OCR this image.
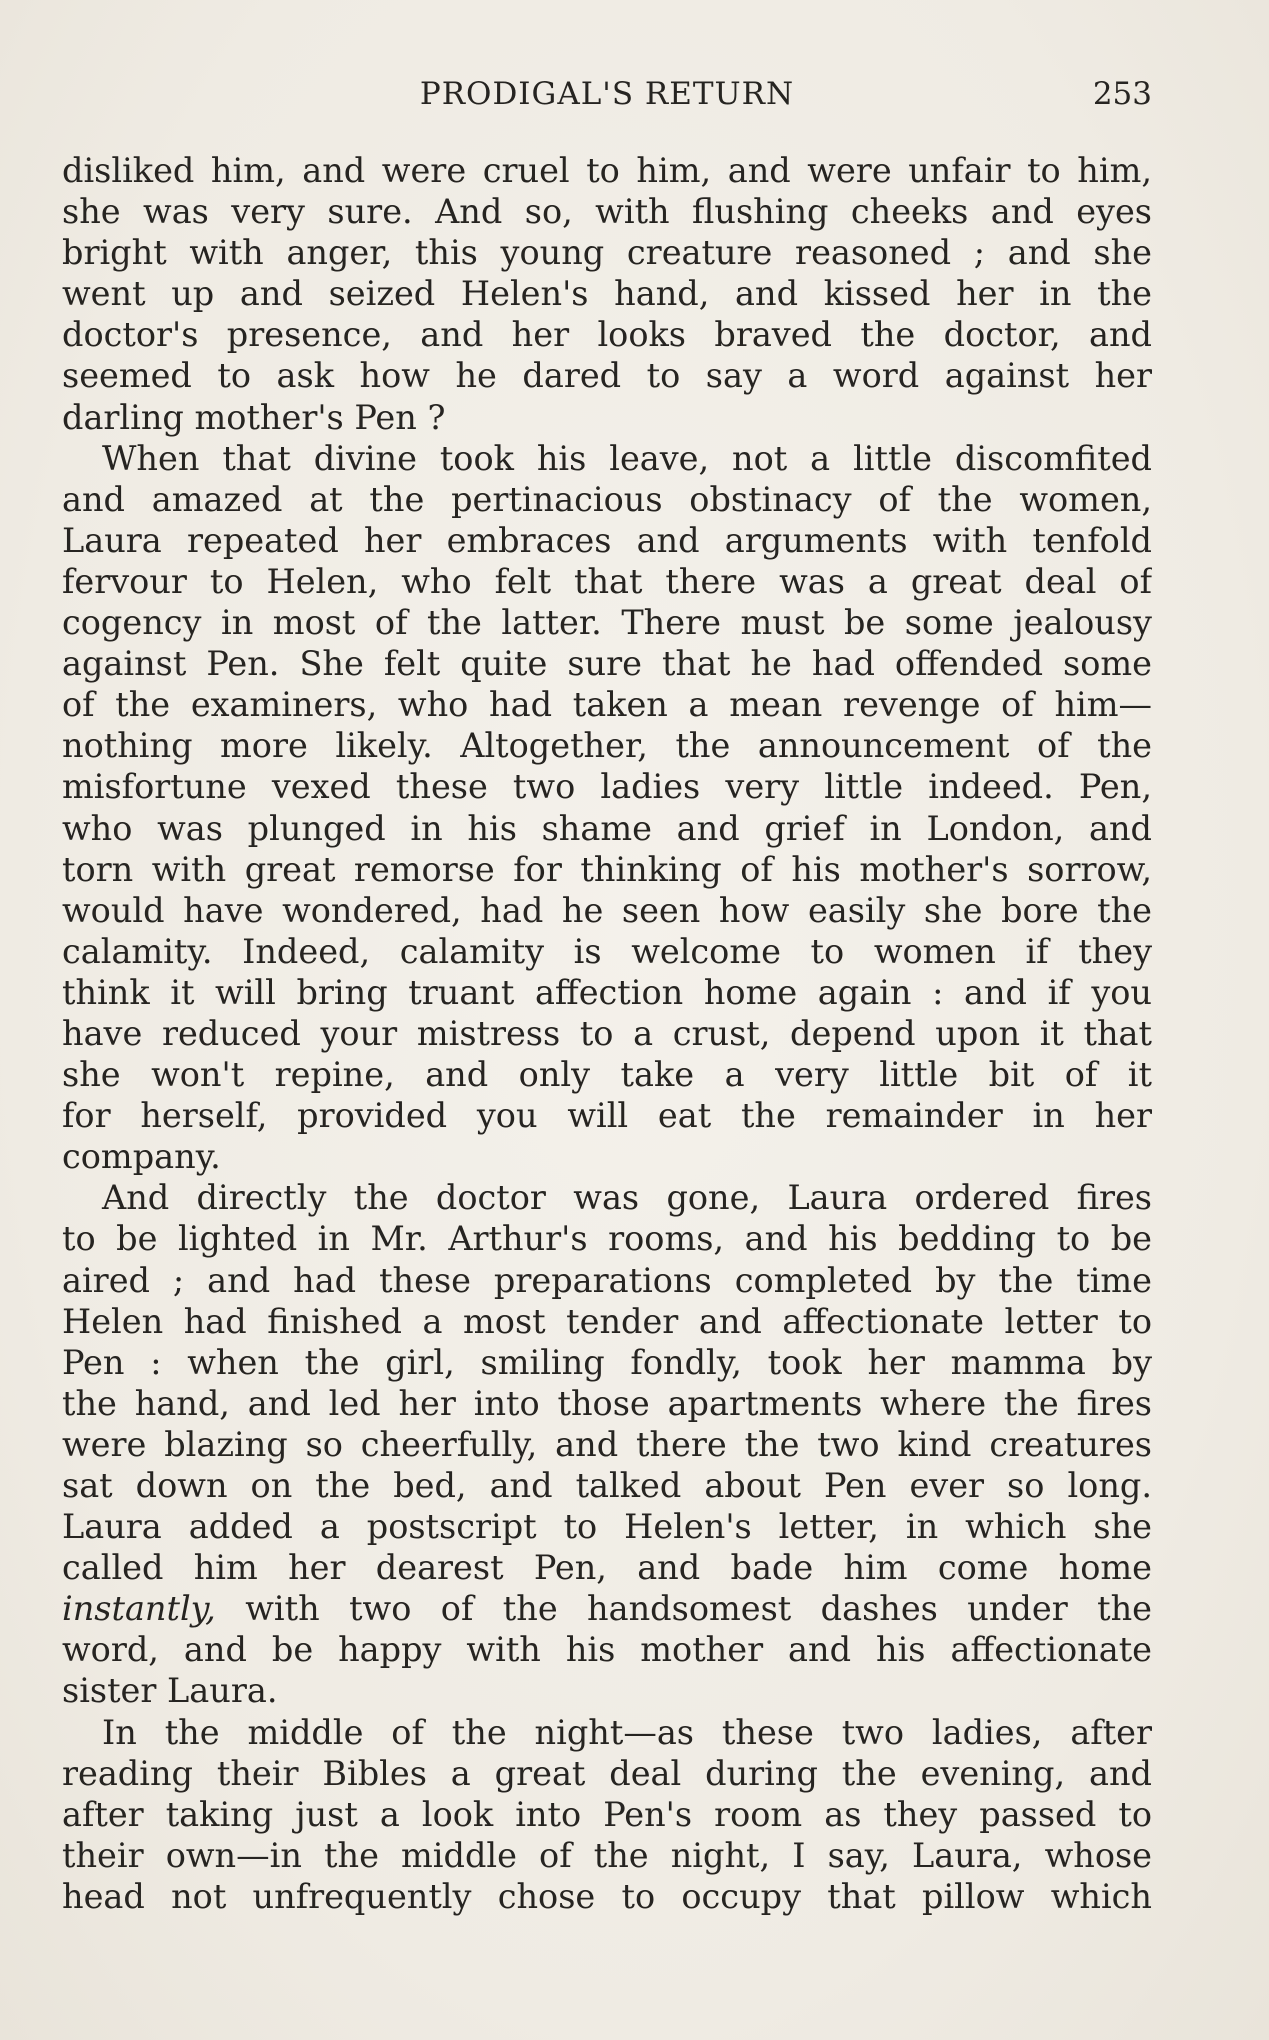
PRODIGAL'S RETURN	253
disliked him, and were cruel to him, and were unfair to him,
she was very sure. And so, with flushing cheeks and eyes
bright with anger, this young creature reasoned ; and she
went up and seized Helen's hand, and kissed her in the
doctor's presence, and her looks braved the doctor, and
seemed to ask how he dared to say a word against her
darling mother's Pen ?
When that divine took his leave, not a little discomfited
and amazed at the pertinacious obstinacy of the women,
Laura repeated her embraces and arguments with tenfold
fervour to Helen, who felt that there was a great deal of
cogency in most of the latter. There must be some jealousy
against Pen. She felt quite sure that he had offended some
of the examiners, who had taken a mean revenge of him—
nothing more likely. Altogether, the announcement of the
misfortune vexed these two ladies very little indeed. Pen,
who was plunged in his shame and grief in London, and
torn with great remorse for thinking of his mother's sorrow,
would have wondered, had he seen how easily she bore the
calamity. Indeed, calamity is welcome to women if they
think it will bring truant affection home again : and if you
have reduced your mistress to a crust, depend upon it that
she won't repine, and only take a very little bit of it
for herself, provided you will eat the remainder in her
company.
And directly the doctor was gone, Laura ordered fires
to be lighted in Mr. Arthur's rooms, and his bedding to be
aired ; and had these preparations completed by the time
Helen had finished a most tender and affectionate letter to
Pen : when the girl, smiling fondly, took her mamma by
the hand, and led her into those apartments where the fires
were blazing so cheerfully, and there the two kind creatures
sat down on the bed, and talked about Pen ever so long.
Laura added a postscript to Helen's letter, in which she
called him her dearest Pen, and bade him come home
instantly, with two of the handsomest dashes under the
word, and be happy with his mother and his affectionate
sister Laura.
In the middle of the night—as these two ladies, after
reading their Bibles a great deal during the evening, and
after taking just a look into Pen's room as they passed to
their own—in the middle of the night, I say, Laura, whose
head not unfrequently chose to occupy that pillow which
